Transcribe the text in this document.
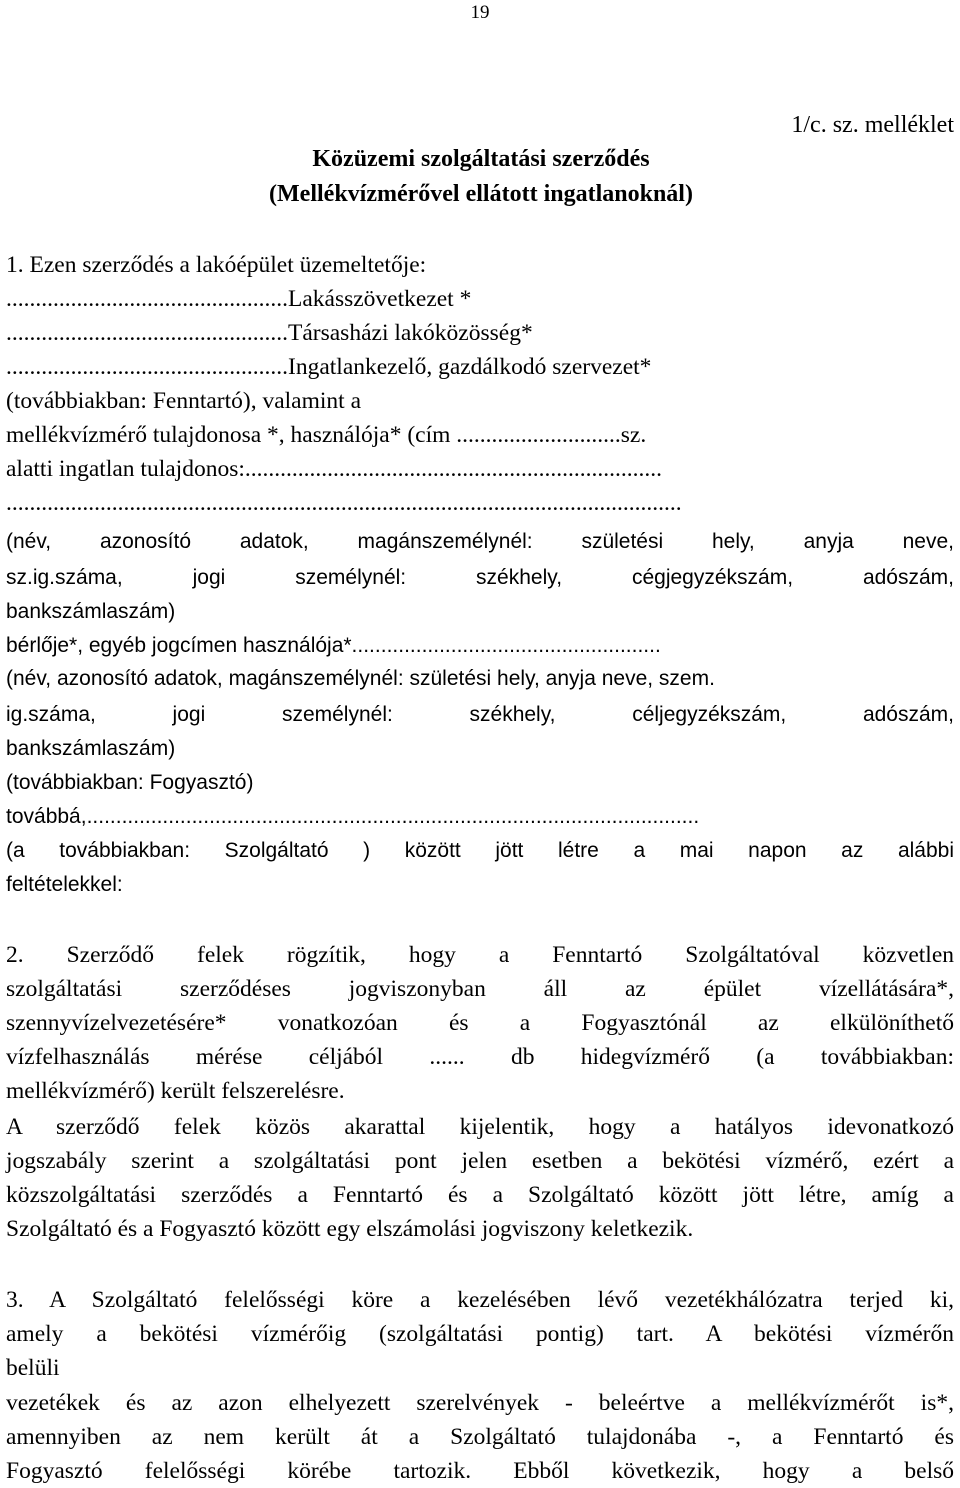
19
1/c. sz. melléklet
Közüzemi szolgáltatási szerződés
(Mellékvízmérővel ellátott ingatlanoknál)
1. Ezen szerződés a lakóépület üzemeltetője:
................................................Lakásszövetkezet *
................................................Társasházi lakóközösség*
................................................Ingatlankezelő, gazdálkodó szervezet*
(továbbiakban: Fenntartó), valamint a
mellékvízmérő tulajdonosa *, használója* (cím ............................sz.
alatti ingatlan tulajdonos:.......................................................................
...................................................................................................................
(név, azonosító adatok, magánszemélynél: születési hely, anyja neve,
sz.ig.száma, jogi személynél: székhely, cégjegyzékszám, adószám,
bankszámlaszám)
bérlője*, egyéb jogcímen használója*.....................................................
(név, azonosító adatok, magánszemélynél: születési hely, anyja neve, szem.
ig.száma, jogi személynél: székhely, céljegyzékszám, adószám,
bankszámlaszám)
(továbbiakban: Fogyasztó)
továbbá,.........................................................................................................
(a továbbiakban: Szolgáltató ) között jött létre a mai napon az alábbi
feltételekkel:
2. Szerződő felek rögzítik, hogy a Fenntartó Szolgáltatóval közvetlen
szolgáltatási szerződéses jogviszonyban áll az épület vízellátására*,
szennyvízelvezetésére* vonatkozóan és a Fogyasztónál az elkülöníthető
vízfelhasználás mérése céljából ...... db hidegvízmérő (a továbbiakban:
mellékvízmérő) került felszerelésre.
A szerződő felek közös akarattal kijelentik, hogy a hatályos idevonatkozó
jogszabály szerint a szolgáltatási pont jelen esetben a bekötési vízmérő, ezért a
közszolgáltatási szerződés a Fenntartó és a Szolgáltató között jött létre, amíg a
Szolgáltató és a Fogyasztó között egy elszámolási jogviszony keletkezik.
3. A Szolgáltató felelősségi köre a kezelésében lévő vezetékhálózatra terjed ki,
amely a bekötési vízmérőig (szolgáltatási pontig) tart. A bekötési vízmérőn
belüli
vezetékek és az azon elhelyezett szerelvények - beleértve a mellékvízmérőt is*,
amennyiben az nem került át a Szolgáltató tulajdonába -, a Fenntartó és
Fogyasztó felelősségi körébe tartozik. Ebből következik, hogy a belső
